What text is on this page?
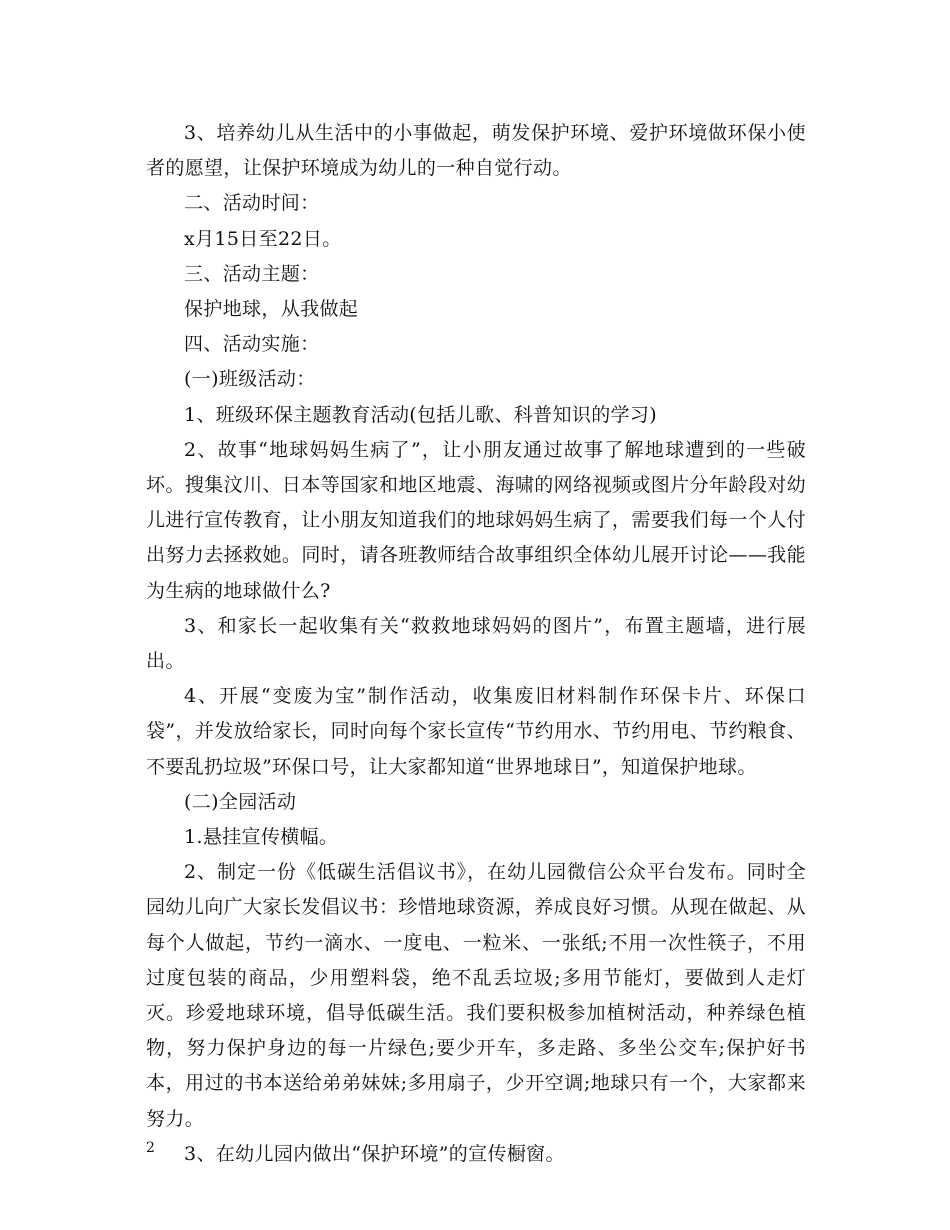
3、培养幼儿从生活中的小事做起，萌发保护环境、爱护环境做环保小使者的愿望，让保护环境成为幼儿的一种自觉行动。

二、活动时间：

x月15日至22日。

三、活动主题：

保护地球，从我做起

四、活动实施：

(一)班级活动：

1、班级环保主题教育活动(包括儿歌、科普知识的学习)

2、故事“地球妈妈生病了”，让小朋友通过故事了解地球遭到的一些破坏。搜集汶川、日本等国家和地区地震、海啸的网络视频或图片分年龄段对幼儿进行宣传教育，让小朋友知道我们的地球妈妈生病了，需要我们每一个人付出努力去拯救她。同时，请各班教师结合故事组织全体幼儿展开讨论——我能为生病的地球做什么?

3、和家长一起收集有关“救救地球妈妈的图片”，布置主题墙，进行展出。

4、开展“变废为宝”制作活动，收集废旧材料制作环保卡片、环保口袋”，并发放给家长，同时向每个家长宣传“节约用水、节约用电、节约粮食、不要乱扔垃圾”环保口号，让大家都知道“世界地球日”，知道保护地球。

(二)全园活动

1.悬挂宣传横幅。

2、制定一份《低碳生活倡议书》，在幼儿园微信公众平台发布。同时全园幼儿向广大家长发倡议书：珍惜地球资源，养成良好习惯。从现在做起、从每个人做起，节约一滴水、一度电、一粒米、一张纸;不用一次性筷子，不用过度包装的商品，少用塑料袋，绝不乱丢垃圾;多用节能灯，要做到人走灯灭。珍爱地球环境，倡导低碳生活。我们要积极参加植树活动，种养绿色植物，努力保护身边的每一片绿色;要少开车，多走路、多坐公交车;保护好书本，用过的书本送给弟弟妹妹;多用扇子，少开空调;地球只有一个，大家都来努力。

3、在幼儿园内做出“保护环境”的宣传橱窗。

2
